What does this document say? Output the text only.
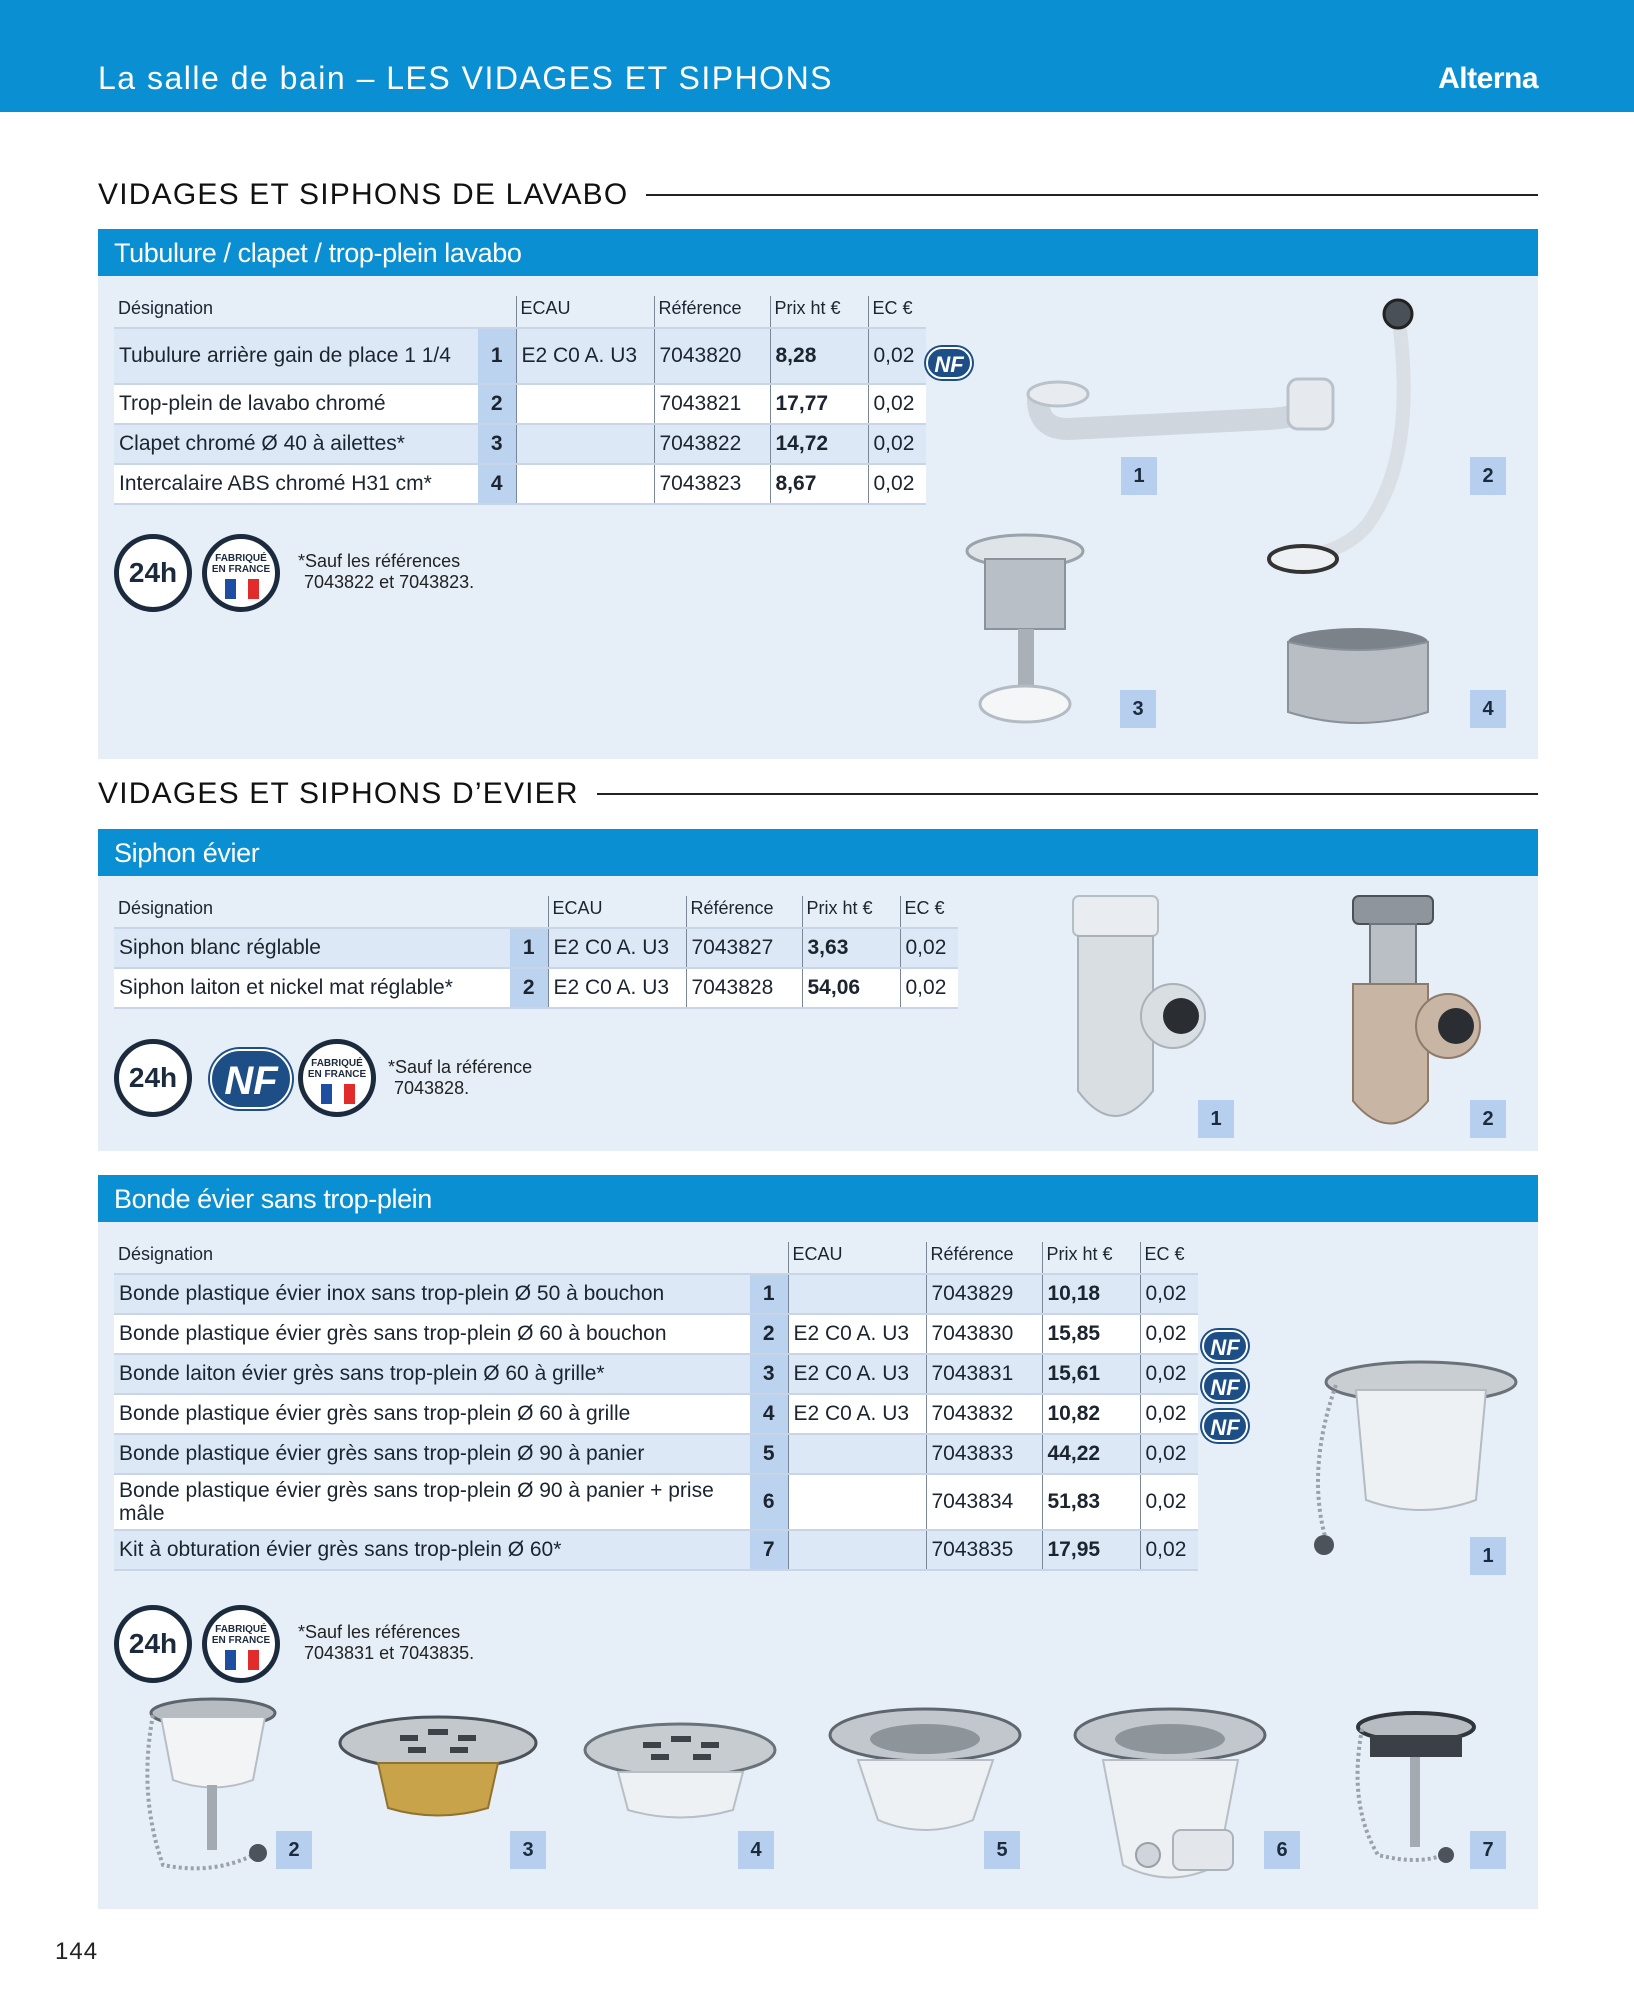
La salle de bain – LES VIDAGES ET SIPHONS	Alterna
VIDAGES ET SIPHONS DE LAVABO
Tubulure / clapet / trop-plein lavabo
Désignation		ECAU	Référence	Prix ht €	EC €
Tubulure arrière gain de place 1 1/4	1	E2 C0 A. U3	7043820	8,28	0,02
Trop-plein de lavabo chromé	2		7043821	17,77	0,02
Clapet chromé Ø 40 à ailettes*	3		7043822	14,72	0,02
Intercalaire ABS chromé H31 cm*	4		7043823	8,67	0,02
NF
24h	FABRIQUÉ EN FRANCE *Sauf les références
7043822 et 7043823.
1	2
3	4
VIDAGES ET SIPHONS D’EVIER
Siphon évier
Désignation		ECAU	Référence	Prix ht €	EC €
Siphon blanc réglable	1	E2 C0 A. U3	7043827	3,63	0,02
Siphon laiton et nickel mat réglable*	2	E2 C0 A. U3	7043828	54,06	0,02
24h	NF	FABRIQUÉ EN FRANCE *Sauf la référence
7043828.
1	2
Bonde évier sans trop-plein
Désignation		ECAU	Référence	Prix ht €	EC €
Bonde plastique évier inox sans trop-plein Ø 50 à bouchon	1		7043829	10,18	0,02
Bonde plastique évier grès sans trop-plein Ø 60 à bouchon	2	E2 C0 A. U3	7043830	15,85	0,02
Bonde laiton évier grès sans trop-plein Ø 60 à grille*	3	E2 C0 A. U3	7043831	15,61	0,02
Bonde plastique évier grès sans trop-plein Ø 60 à grille	4	E2 C0 A. U3	7043832	10,82	0,02
Bonde plastique évier grès sans trop-plein Ø 90 à panier	5		7043833	44,22	0,02
Bonde plastique évier grès sans trop-plein Ø 90 à panier + prise mâle	6		7043834	51,83	0,02
Kit à obturation évier grès sans trop-plein Ø 60*	7		7043835	17,95	0,02
NF
NF
NF
24h	FABRIQUÉ EN FRANCE *Sauf les références
7043831 et 7043835.
1
2	3	4	5	6	7
144
